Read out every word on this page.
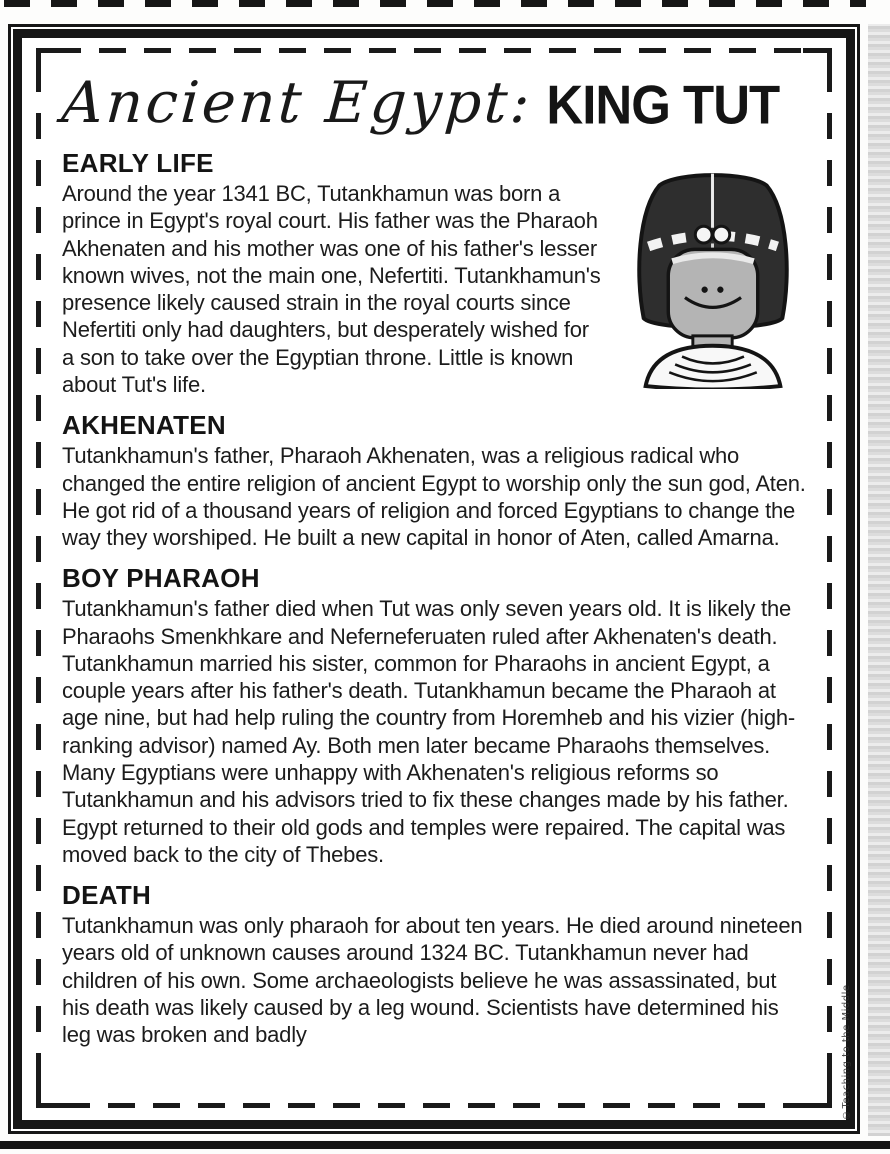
Ancient Egypt: KING TUT
EARLY LIFE

Around the year 1341 BC, Tutankhamun was born a prince in Egypt's royal court. His father was the Pharaoh Akhenaten and his mother was one of his father's lesser known wives, not the main one, Nefertiti. Tutankhamun's presence likely caused strain in the royal courts since Nefertiti only had daughters, but desperately wished for a son to take over the Egyptian throne. Little is known about Tut's life.

AKHENATEN

Tutankhamun's father, Pharaoh Akhenaten, was a religious radical who changed the entire religion of ancient Egypt to worship only the sun god, Aten. He got rid of a thousand years of religion and forced Egyptians to change the way they worshiped. He built a new capital in honor of Aten, called Amarna.

BOY PHARAOH

Tutankhamun's father died when Tut was only seven years old. It is likely the Pharaohs Smenkhkare and Neferneferuaten ruled after Akhenaten's death. Tutankhamun married his sister, common for Pharaohs in ancient Egypt, a couple years after his father's death. Tutankhamun became the Pharaoh at age nine, but had help ruling the country from Horemheb and his vizier (high-ranking advisor) named Ay. Both men later became Pharaohs themselves. Many Egyptians were unhappy with Akhenaten's religious reforms so Tutankhamun and his advisors tried to fix these changes made by his father. Egypt returned to their old gods and temples were repaired. The capital was moved back to the city of Thebes.

DEATH

Tutankhamun was only pharaoh for about ten years. He died around nineteen years old of unknown causes around 1324 BC. Tutankhamun never had children of his own. Some archaeologists believe he was assassinated, but his death was likely caused by a leg wound. Scientists have determined his leg was broken and badly	©Teaching to the Middle
